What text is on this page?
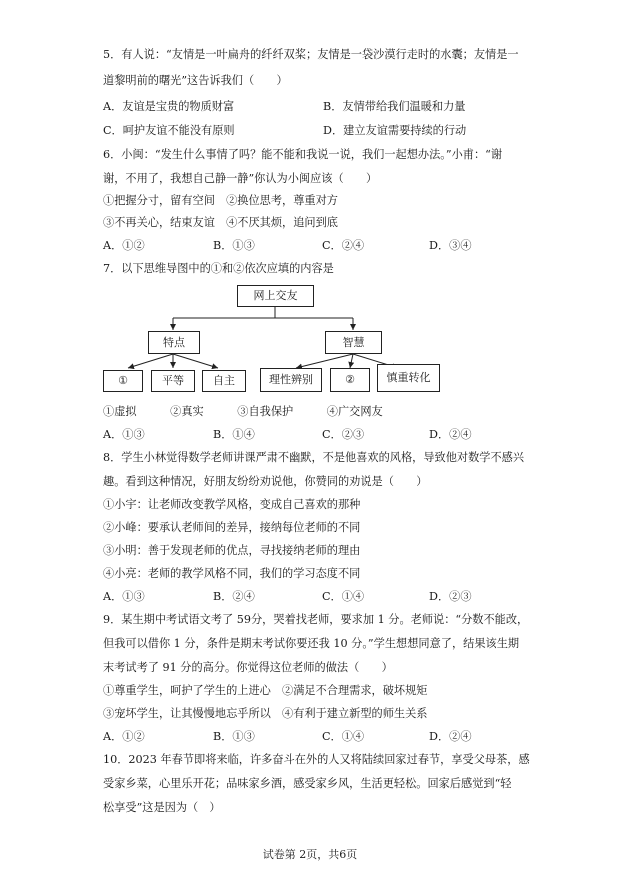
5．有人说：“友情是一叶扁舟的纤纤双桨；友情是一袋沙漠行走时的水囊；友情是一
道黎明前的曙光”这告诉我们（　　）
A．友谊是宝贵的物质财富	B．友情带给我们温暖和力量
C．呵护友谊不能没有原则	D．建立友谊需要持续的行动
6．小闽：“发生什么事情了吗？能不能和我说一说，我们一起想办法。”小甫：“谢
谢，不用了，我想自己静一静”你认为小闽应该（　　）
①把握分寸，留有空间　②换位思考，尊重对方
③不再关心，结束友谊　④不厌其烦，追问到底
A．①②	B．①③	C．②④	D．③④
7．以下思维导图中的①和②依次应填的内容是
网上交友
特点	智慧
①	平等	自主	理性辨别	②	慎重转化
①虚拟　　　②真实　　　③自我保护　　　④广交网友
A．①③	B．①④	C．②③	D．②④
8．学生小林觉得数学老师讲课严肃不幽默，不是他喜欢的风格，导致他对数学不感兴
趣。看到这种情况，好朋友纷纷劝说他，你赞同的劝说是（　　）
①小宇：让老师改变教学风格，变成自己喜欢的那种
②小峰：要承认老师间的差异，接纳每位老师的不同
③小明：善于发现老师的优点，寻找接纳老师的理由
④小亮：老师的教学风格不同，我们的学习态度不同
A．①③	B．②④	C．①④	D．②③
9．某生期中考试语文考了 59分，哭着找老师，要求加 1 分。老师说：“分数不能改，
但我可以借你 1 分，条件是期末考试你要还我 10 分。”学生想想同意了，结果该生期
末考试考了 91 分的高分。你觉得这位老师的做法（　　）
①尊重学生，呵护了学生的上进心　②满足不合理需求，破坏规矩
③宠坏学生，让其慢慢地忘乎所以　④有利于建立新型的师生关系
A．①②	B．①③	C．①④	D．②④
10．2023 年春节即将来临，许多奋斗在外的人又将陆续回家过春节，享受父母茶，感
受家乡菜，心里乐开花；品味家乡酒，感受家乡风，生活更轻松。回家后感觉到“轻
松享受”这是因为（　）
试卷第 2页，共6页
